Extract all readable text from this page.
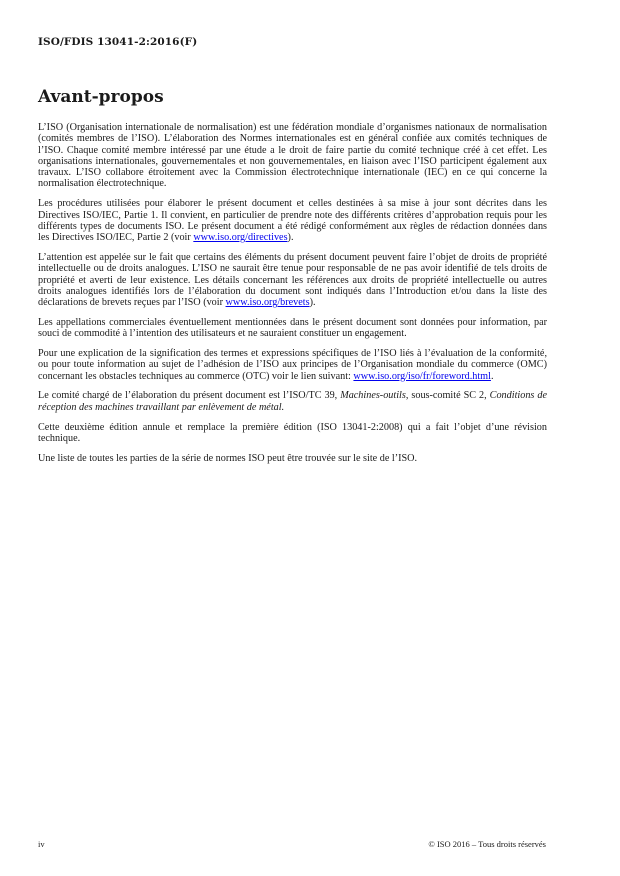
ISO/FDIS 13041-2:2016(F)
Avant-propos

L’ISO (Organisation internationale de normalisation) est une fédération mondiale d’organismes nationaux de normalisation (comités membres de l’ISO). L’élaboration des Normes internationales est en général confiée aux comités techniques de l’ISO. Chaque comité membre intéressé par une étude a le droit de faire partie du comité technique créé à cet effet. Les organisations internationales, gouvernementales et non gouvernementales, en liaison avec l’ISO participent également aux travaux. L’ISO collabore étroitement avec la Commission électrotechnique internationale (IEC) en ce qui concerne la normalisation électrotechnique.

Les procédures utilisées pour élaborer le présent document et celles destinées à sa mise à jour sont décrites dans les Directives ISO/IEC, Partie 1. Il convient, en particulier de prendre note des différents critères d’approbation requis pour les différents types de documents ISO. Le présent document a été rédigé conformément aux règles de rédaction données dans les Directives ISO/IEC, Partie 2 (voir www.iso.org/directives).

L’attention est appelée sur le fait que certains des éléments du présent document peuvent faire l’objet de droits de propriété intellectuelle ou de droits analogues. L’ISO ne saurait être tenue pour responsable de ne pas avoir identifié de tels droits de propriété et averti de leur existence. Les détails concernant les références aux droits de propriété intellectuelle ou autres droits analogues identifiés lors de l’élaboration du document sont indiqués dans l’Introduction et/ou dans la liste des déclarations de brevets reçues par l’ISO (voir www.iso.org/brevets).

Les appellations commerciales éventuellement mentionnées dans le présent document sont données pour information, par souci de commodité à l’intention des utilisateurs et ne sauraient constituer un engagement.

Pour une explication de la signification des termes et expressions spécifiques de l’ISO liés à l’évaluation de la conformité, ou pour toute information au sujet de l’adhésion de l’ISO aux principes de l’Organisation mondiale du commerce (OMC) concernant les obstacles techniques au commerce (OTC) voir le lien suivant: www.iso.org/iso/fr/foreword.html.

Le comité chargé de l’élaboration du présent document est l’ISO/TC 39, Machines-outils, sous-comité SC 2, Conditions de réception des machines travaillant par enlèvement de métal.

Cette deuxième édition annule et remplace la première édition (ISO 13041-2:2008) qui a fait l’objet d’une révision technique.

Une liste de toutes les parties de la série de normes ISO peut être trouvée sur le site de l’ISO.

iv	© ISO 2016 – Tous droits réservés
